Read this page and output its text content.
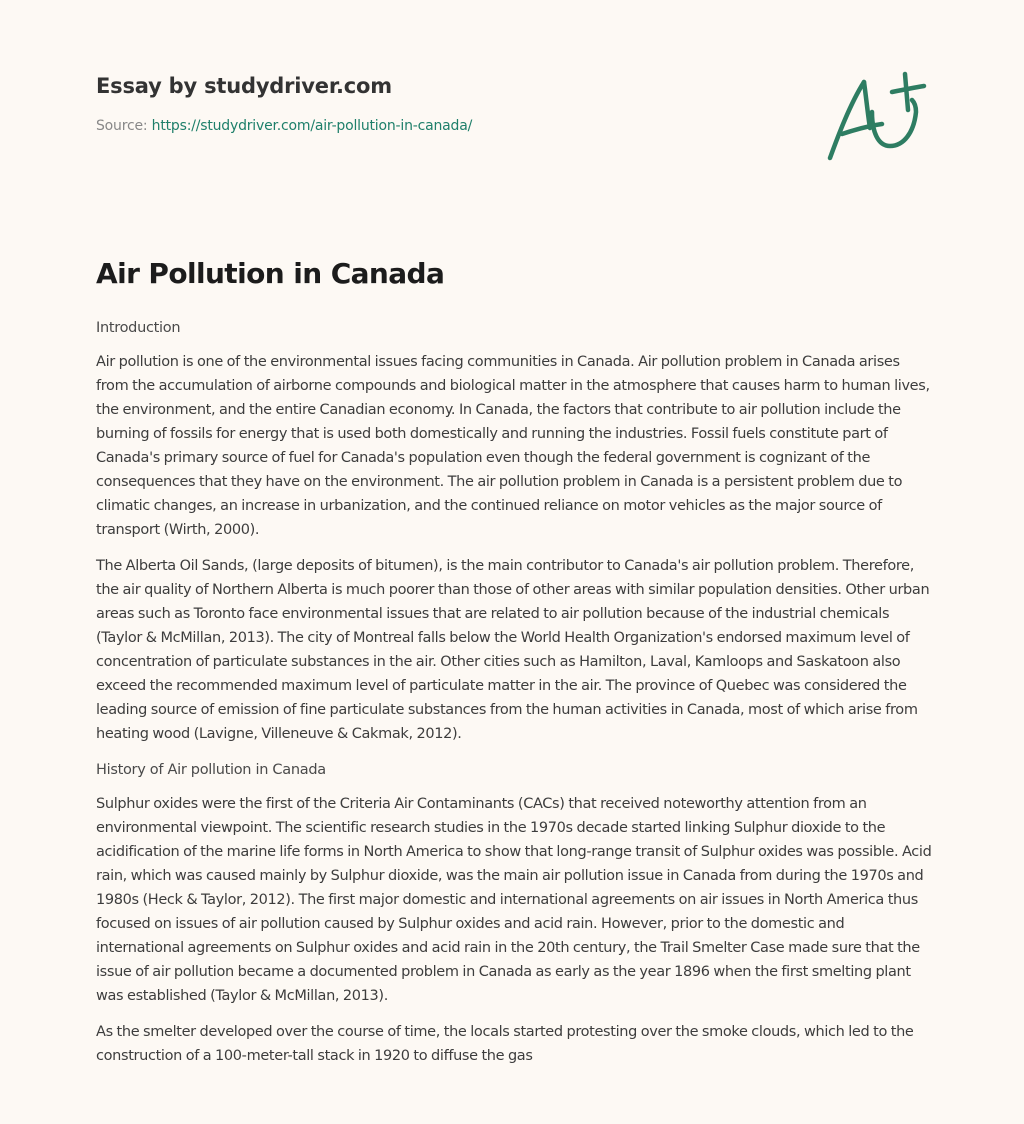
Essay by studydriver.com
Source: https://studydriver.com/air-pollution-in-canada/
Air Pollution in Canada

Introduction

Air pollution is one of the environmental issues facing communities in Canada. Air pollution problem in Canada arises from the accumulation of airborne compounds and biological matter in the atmosphere that causes harm to human lives, the environment, and the entire Canadian economy. In Canada, the factors that contribute to air pollution include the burning of fossils for energy that is used both domestically and running the industries. Fossil fuels constitute part of Canada's primary source of fuel for Canada's population even though the federal government is cognizant of the consequences that they have on the environment. The air pollution problem in Canada is a persistent problem due to climatic changes, an increase in urbanization, and the continued reliance on motor vehicles as the major source of transport (Wirth, 2000).

The Alberta Oil Sands, (large deposits of bitumen), is the main contributor to Canada's air pollution problem. Therefore, the air quality of Northern Alberta is much poorer than those of other areas with similar population densities. Other urban areas such as Toronto face environmental issues that are related to air pollution because of the industrial chemicals (Taylor & McMillan, 2013). The city of Montreal falls below the World Health Organization's endorsed maximum level of concentration of particulate substances in the air. Other cities such as Hamilton, Laval, Kamloops and Saskatoon also exceed the recommended maximum level of particulate matter in the air. The province of Quebec was considered the leading source of emission of fine particulate substances from the human activities in Canada, most of which arise from heating wood (Lavigne, Villeneuve & Cakmak, 2012).

History of Air pollution in Canada

Sulphur oxides were the first of the Criteria Air Contaminants (CACs) that received noteworthy attention from an environmental viewpoint. The scientific research studies in the 1970s decade started linking Sulphur dioxide to the acidification of the marine life forms in North America to show that long-range transit of Sulphur oxides was possible. Acid rain, which was caused mainly by Sulphur dioxide, was the main air pollution issue in Canada from during the 1970s and 1980s (Heck & Taylor, 2012). The first major domestic and international agreements on air issues in North America thus focused on issues of air pollution caused by Sulphur oxides and acid rain. However, prior to the domestic and international agreements on Sulphur oxides and acid rain in the 20th century, the Trail Smelter Case made sure that the issue of air pollution became a documented problem in Canada as early as the year 1896 when the first smelting plant was established (Taylor & McMillan, 2013).

As the smelter developed over the course of time, the locals started protesting over the smoke clouds, which led to the construction of a 100-meter-tall stack in 1920 to diffuse the gas
